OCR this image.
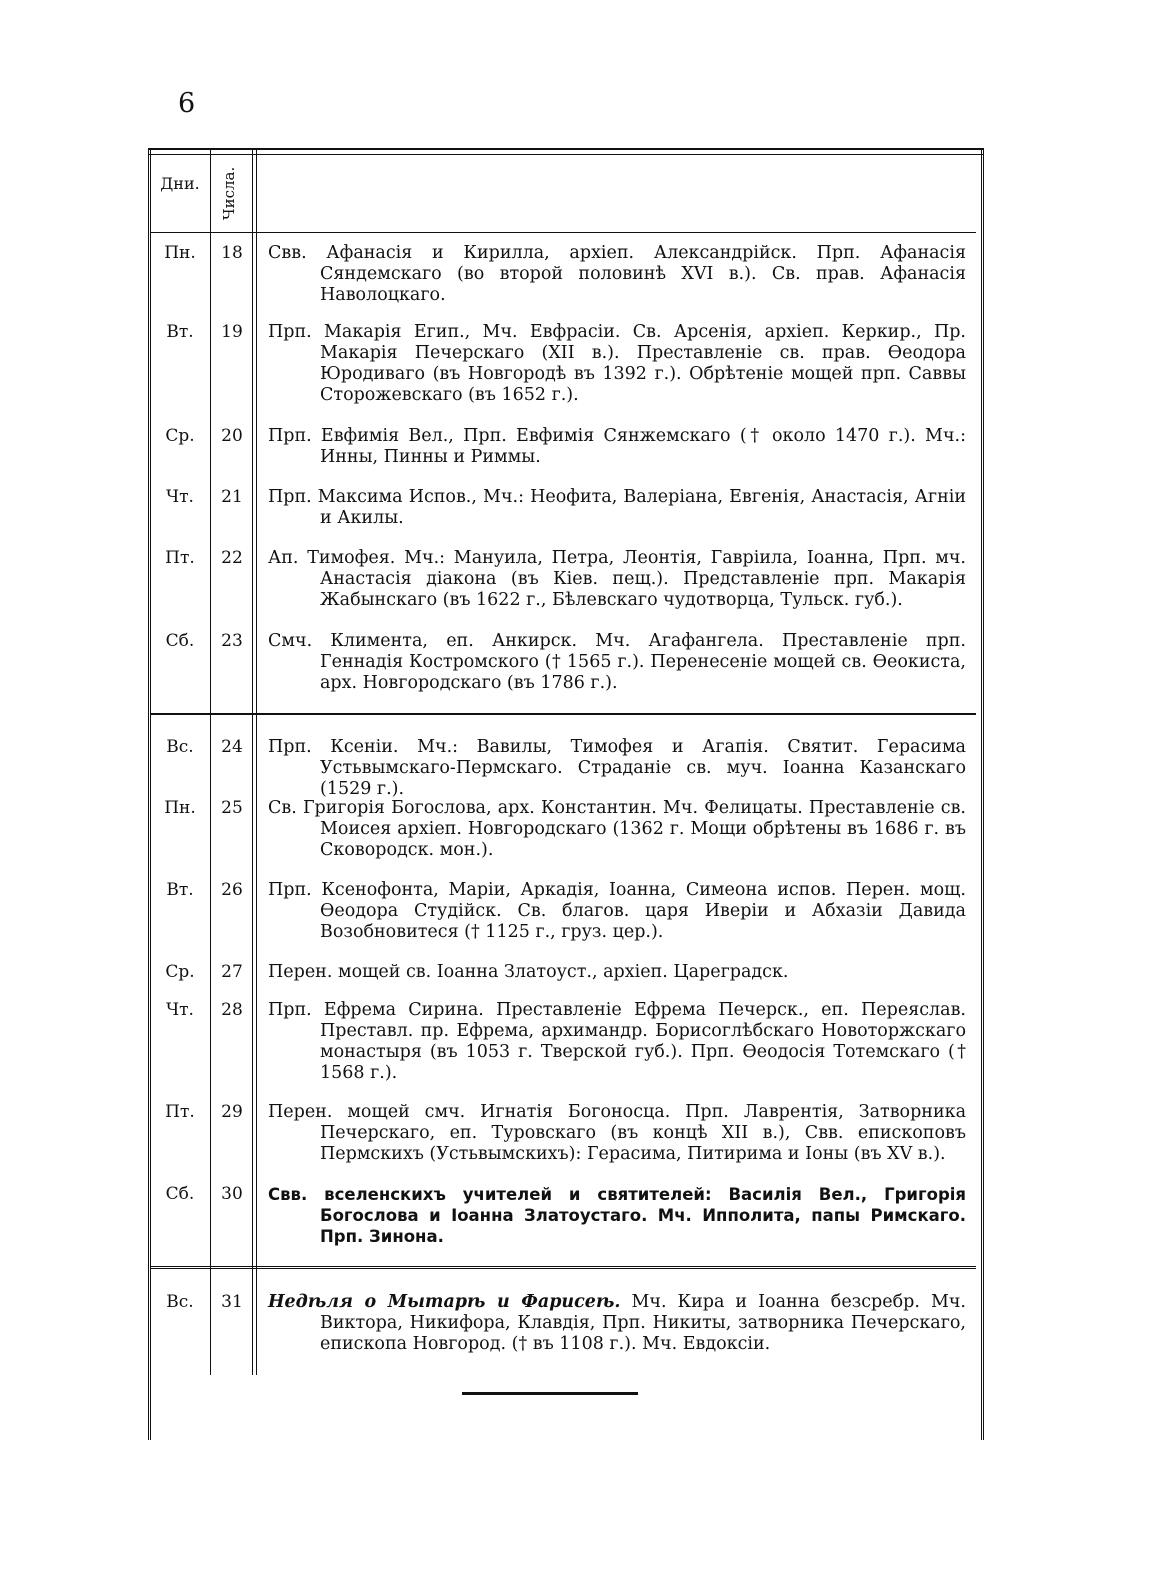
6
Дни.	Числа.
Пн.	18	Свв. Афанасія и Кирилла, архіеп. Александрійск. Прп. Афанасія Сяндемскаго (во второй половинѣ XVI в.). Св. прав. Афанасія Наволоцкаго.
Вт.	19	Прп. Макарія Егип., Мч. Евфрасіи. Св. Арсенія, архіеп. Керкир., Пр. Макарія Печерскаго (XII в.). Преставленіе св. прав. Ѳеодора Юродиваго (въ Новгородѣ въ 1392 г.). Обрѣтеніе мощей прп. Саввы Сторожевскаго (въ 1652 г.).
Ср.	20	Прп. Евфимія Вел., Прп. Евфимія Сянжемскаго († около 1470 г.). Мч.: Инны, Пинны и Риммы.
Чт.	21	Прп. Максима Испов., Мч.: Неофита, Валеріана, Евгенія, Анастасія, Агніи и Акилы.
Пт.	22	Ап. Тимофея. Мч.: Мануила, Петра, Леонтія, Гавріила, Іоанна, Прп. мч. Анастасія діакона (въ Кіев. пещ.). Представленіе прп. Макарія Жабынскаго (въ 1622 г., Бѣлевскаго чудотворца, Тульск. губ.).
Сб.	23	Смч. Климента, еп. Анкирск. Мч. Агафангела. Преставленіе прп. Геннадія Костромского († 1565 г.). Перенесеніе мощей св. Ѳеокиста, арх. Новгородскаго (въ 1786 г.).
Вс.	24	Прп. Ксеніи. Мч.: Вавилы, Тимофея и Агапія. Святит. Герасима Устьвымскаго-Пермскаго. Страданіе св. муч. Іоанна Казанскаго (1529 г.).
Пн.	25	Св. Григорія Богослова, арх. Константин. Мч. Фелицаты. Преставленіе св. Моисея архіеп. Новгородскаго (1362 г. Мощи обрѣтены въ 1686 г. въ Сковородск. мон.).
Вт.	26	Прп. Ксенофонта, Маріи, Аркадія, Іоанна, Симеона испов. Перен. мощ. Ѳеодора Студійск. Св. благов. царя Иверіи и Абхазіи Давида Возобновитеся († 1125 г., груз. цер.).
Ср.	27	Перен. мощей св. Іоанна Златоуст., архіеп. Цареградск.
Чт.	28	Прп. Ефрема Сирина. Преставленіе Ефрема Печерск., еп. Переяслав. Преставл. пр. Ефрема, архимандр. Борисоглѣбскаго Новоторжскаго монастыря (въ 1053 г. Тверской губ.). Прп. Ѳеодосія Тотемскаго († 1568 г.).
Пт.	29	Перен. мощей смч. Игнатія Богоносца. Прп. Лаврентія, Затворника Печерскаго, еп. Туровскаго (въ концѣ XII в.), Свв. епископовъ Пермскихъ (Устьвымскихъ): Герасима, Питирима и Іоны (въ XV в.).
Сб.	30	Свв. вселенскихъ учителей и святителей: Василія Вел., Григорія Богослова и Іоанна Златоустаго. Мч. Ипполита, папы Римскаго. Прп. Зинона.
Вс.	31	Недѣля о Мытарѣ и Фарисеѣ. Мч. Кира и Іоанна безсребр. Мч. Виктора, Никифора, Клавдія, Прп. Никиты, затворника Печерскаго, епископа Новгород. († въ 1108 г.). Мч. Евдоксіи.
